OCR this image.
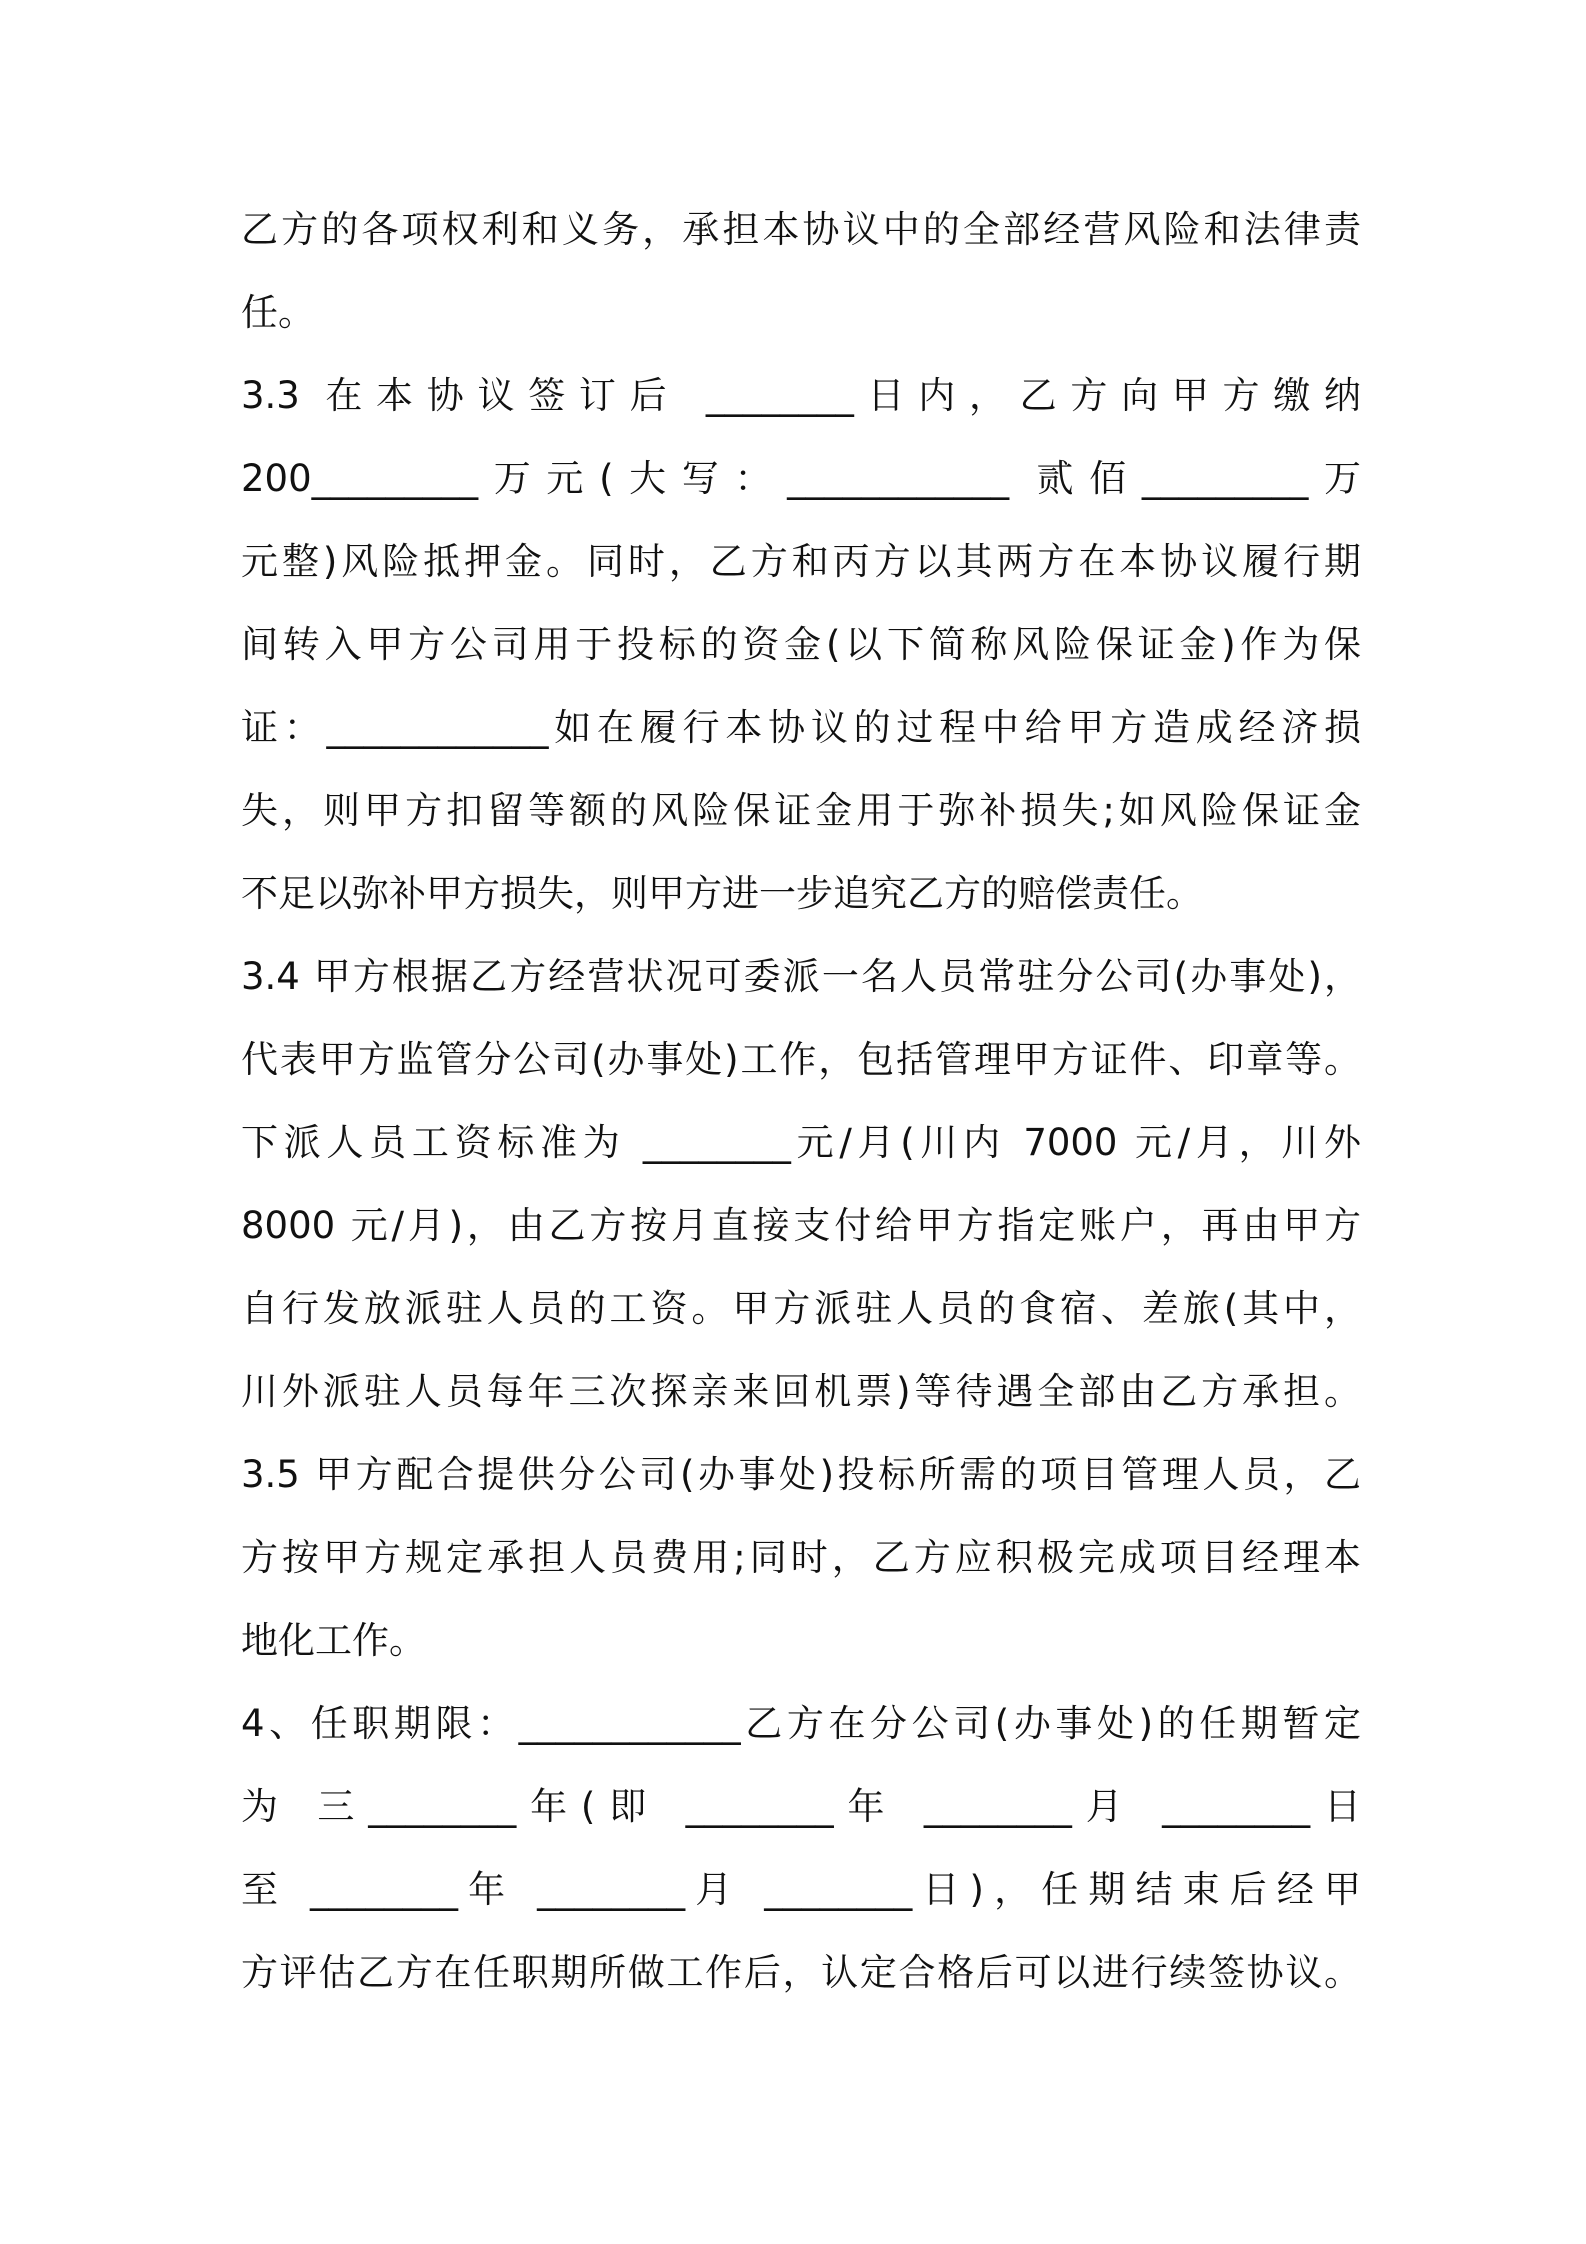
乙方的各项权利和义务，承担本协议中的全部经营风险和法律责
任。
3.3 在本协议签订后 ________日内，乙方向甲方缴纳
200_________万元(大写：____________ 贰佰_________万
元整)风险抵押金。同时，乙方和丙方以其两方在本协议履行期
间转入甲方公司用于投标的资金(以下简称风险保证金)作为保
证：____________如在履行本协议的过程中给甲方造成经济损
失，则甲方扣留等额的风险保证金用于弥补损失;如风险保证金
不足以弥补甲方损失，则甲方进一步追究乙方的赔偿责任。
3.4 甲方根据乙方经营状况可委派一名人员常驻分公司(办事处)，
代表甲方监管分公司(办事处)工作，包括管理甲方证件、印章等。
下派人员工资标准为 ________元/月(川内 7000 元/月，川外
8000 元/月)，由乙方按月直接支付给甲方指定账户，再由甲方
自行发放派驻人员的工资。甲方派驻人员的食宿、差旅(其中，
川外派驻人员每年三次探亲来回机票)等待遇全部由乙方承担。
3.5 甲方配合提供分公司(办事处)投标所需的项目管理人员，乙
方按甲方规定承担人员费用;同时，乙方应积极完成项目经理本
地化工作。
4、任职期限：____________乙方在分公司(办事处)的任期暂定
为 三________年(即 ________年 ________月 ________日
至 ________年 ________月 ________日)，任期结束后经甲
方评估乙方在任职期所做工作后，认定合格后可以进行续签协议。
